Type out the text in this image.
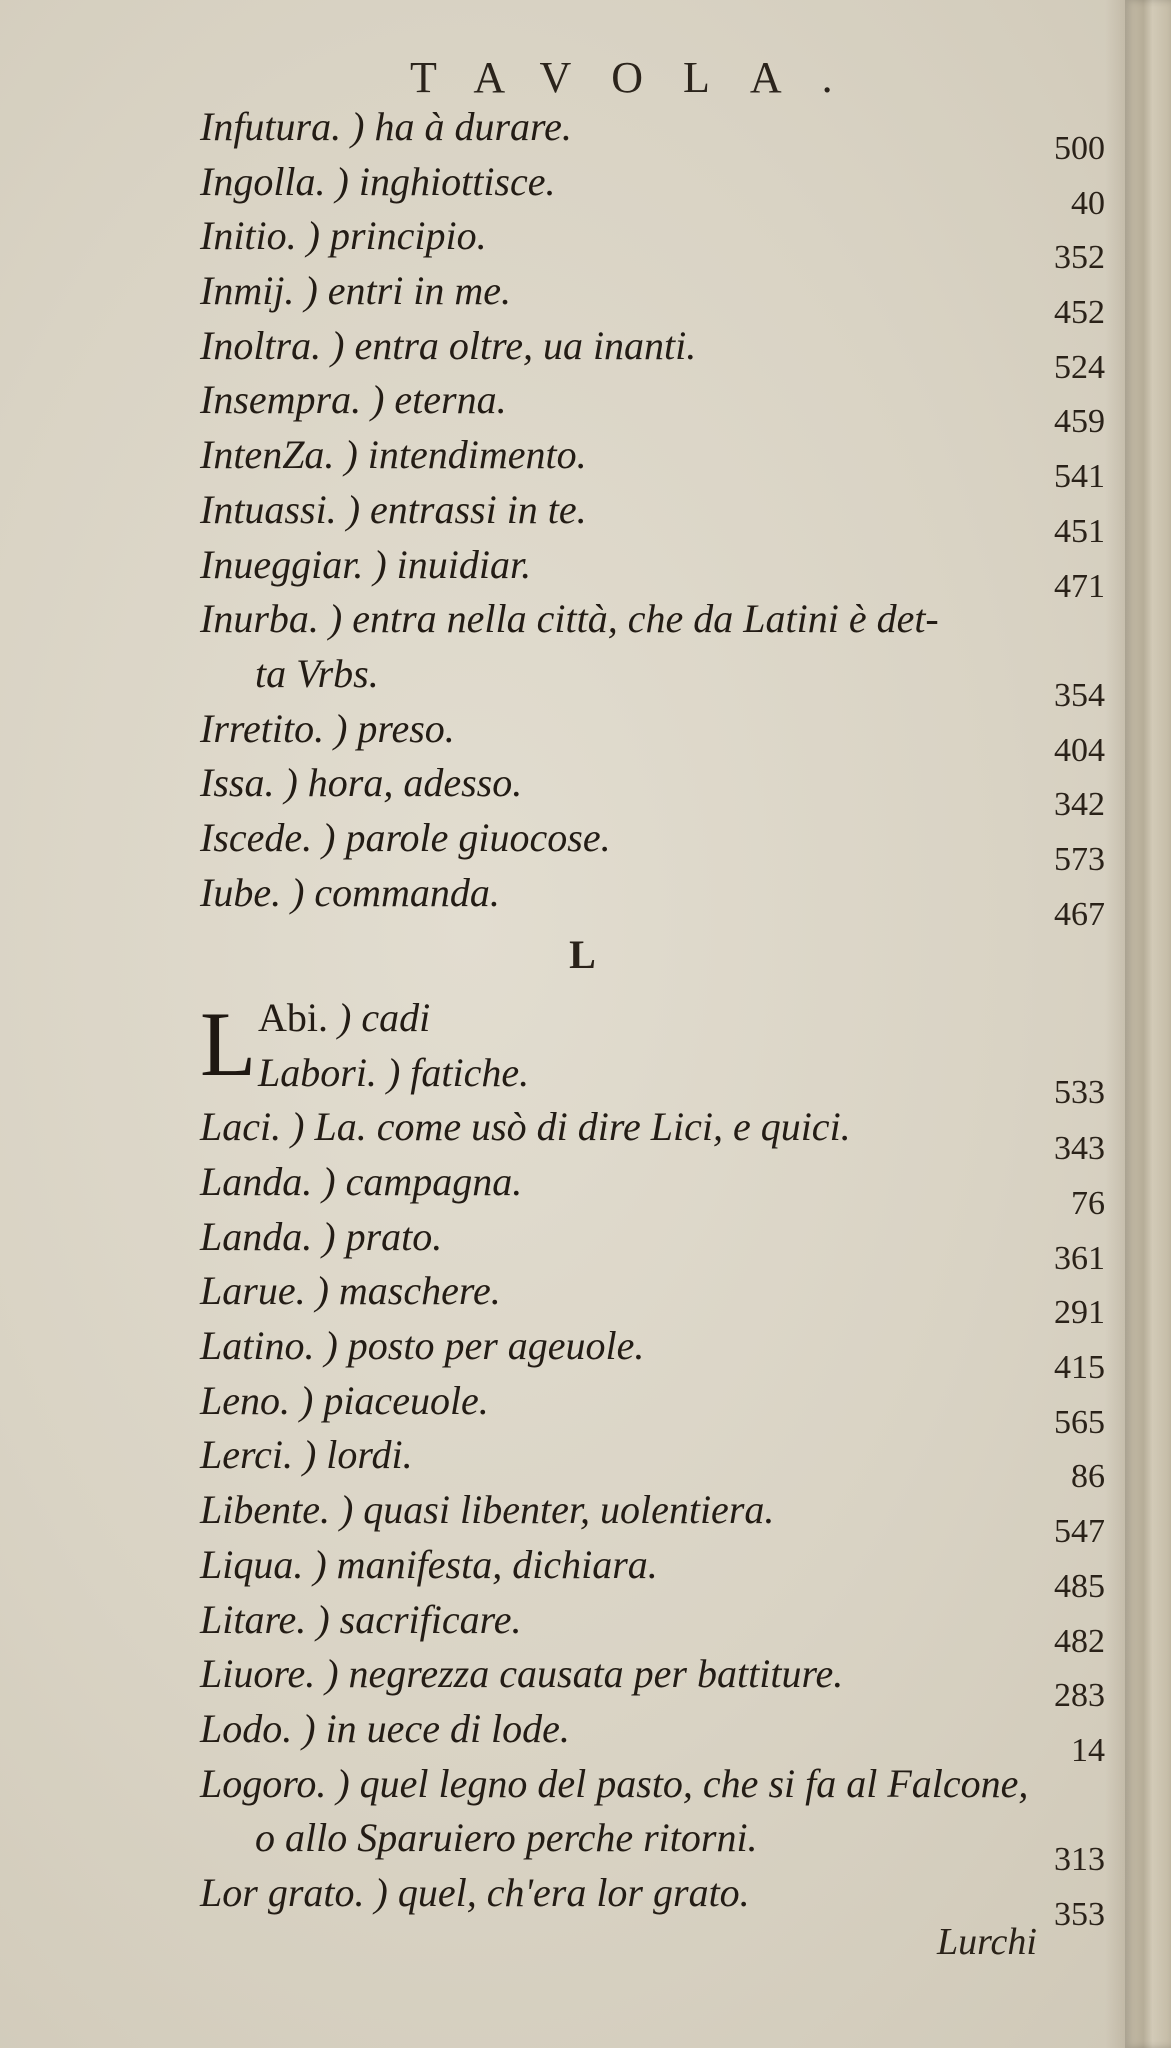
TAVOLA.
Infutura. ) ha à durare.	500
Ingolla. ) inghiottisce.	40
Initio. ) principio.	352
Inmij. ) entri in me.	452
Inoltra. ) entra oltre, ua inanti.	524
Insempra. ) eterna.	459
IntenZa. ) intendimento.	541
Intuassi. ) entrassi in te.	451
Inueggiar. ) inuidiar.	471
Inurba. ) entra nella città, che da Latini è det-
ta Vrbs.	354
Irretito. ) preso.	404
Issa. ) hora, adesso.	342
Iscede. ) parole giuocose.	573
Iube. ) commanda.	467
L
L Abi. ) cadi
Labori. ) fatiche.	533
Laci. ) La. come usò di dire Lici, e quici.	343
Landa. ) campagna.	76
Landa. ) prato.	361
Larue. ) maschere.	291
Latino. ) posto per ageuole.	415
Leno. ) piaceuole.	565
Lerci. ) lordi.	86
Libente. ) quasi libenter, uolentiera.	547
Liqua. ) manifesta, dichiara.	485
Litare. ) sacrificare.	482
Liuore. ) negrezza causata per battiture.	283
Lodo. ) in uece di lode.	14
Logoro. ) quel legno del pasto, che si fa al Falcone,
o allo Sparuiero perche ritorni.	313
Lor grato. ) quel, ch'era lor grato.	353
Lurchi
